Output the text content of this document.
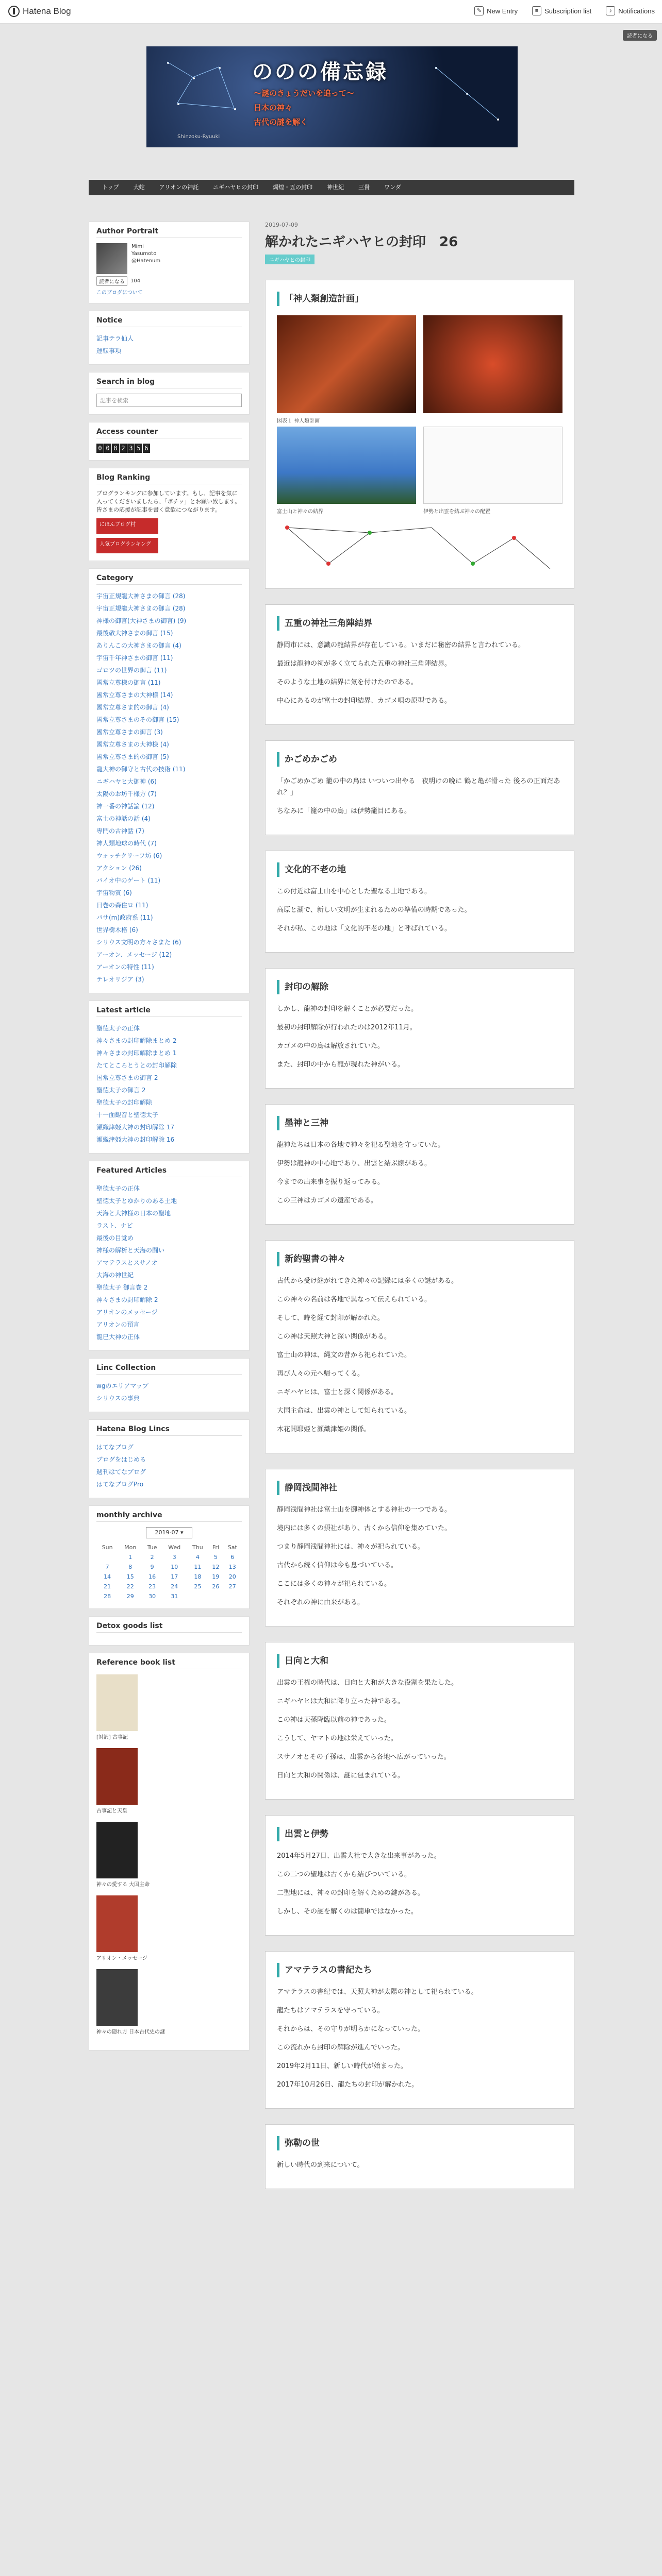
Hatena Blog	✎ New Entry	≡ Subscription list	♪ Notifications
読者になる
ののの備忘録
〜謎のきょうだいを追って〜
日本の神々
古代の謎を解く
Shinzoku-Ryuuki
トップ	大蛇	アリオンの神託	ニギハヤヒの封印	燭煌・五の封印	神世紀	三貴	ワンダ
Author Portrait
Mimi
Yasumoto
@Hatenum
読者になる	104
このブログについて
Notice
記事テラ仙人
運転事項
Search in blog
記事を検索
Access counter
0 0 8 2 3 5 6
Blog Ranking
ブログランキングに参加しています。もし、記事を気に入ってくださいましたら、「ポチッ」とお願い致します。皆さまの応援が記事を書く意欲につながります。
にほんブログ村
人気ブログランキング
Category
宇宙正規龍大神さまの御言 (28)
宇宙正規龍大神さまの御言 (28)
神様の御言(大神さまの御言) (9)
最後敬大神さまの御言 (15)
ありんこの大神さまの御言 (4)
宇宙千年神さまの御言 (11)
ゴロツの世界の御言 (11)
國常立尊様の御言 (11)
國常立尊さまの大神様 (14)
國常立尊さま的の御言 (4)
國常立尊さまのその御言 (15)
國常立尊さまの御言 (3)
國常立尊さまの大神様 (4)
國常立尊さま的の御言 (5)
龍大神の御守と古代の技術 (11)
ニギハヤヒ大御神 (6)
太陽のお坊千様方 (7)
神一番の神話論 (12)
富士の神話の話 (4)
専門の古神話 (7)
神人類地球の時代 (7)
ウォッチクリーフ坊 (6)
アクション (26)
バイオ中のゲート (11)
宇宙物質 (6)
日巻の森住ロ (11)
パサ(m)政府系 (11)
世界樹木格 (6)
シリウス文明の方々さまた (6)
アーオン、メッセージ (12)
アーオンの特性 (11)
テレオリジア (3)
Latest article
聖徳太子の正体
神々さまの封印解除まとめ 2
神々さまの封印解除まとめ 1
たてところとうとの封印解除
国常立尊さまの御言 2
聖徳太子の御言 2
聖徳太子の封印解除
十一面観音と聖徳太子
瀬織津姫大神の封印解除 17
瀬織津姫大神の封印解除 16
Featured Articles
聖徳太子の正体
聖徳太子とゆかりのある土地
天海と大神様の日本の聖地
ラスト、ナビ
最後の目覚め
神様の解析と天海の闘い
アマテラスとスサノオ
大海の神世紀
聖徳太子 御言巻 2
神々さまの封印解除 2
アリオンのメッセージ
アリオンの預言
龍巳大神の正体
Linc Collection
wgのエリアマップ
シリウスの事典
Hatena Blog Lincs
はてなブログ
ブログをはじめる
週刊はてなブログ
はてなブログPro
monthly archive
2019-07 ▾
Sun	Mon	Tue	Wed	Thu	Fri	Sat
	1	2	3	4	5	6
7	8	9	10	11	12	13
14	15	16	17	18	19	20
21	22	23	24	25	26	27
28	29	30	31			
Detox goods list
Reference book list
[対訳] 古事記
古事記と天皇
神々の愛する 大国主命
アリオン・メッセージ
神々の隠れ方 日本古代史の謎
2019-07-09
解かれたニギハヤヒの封印　26
ニギハヤヒの封印
「神人類創造計画」
図表１ 神人類計画
富士山と神々の結界	伊勢と出雲を結ぶ神々の配置
五重の神社三角陣結界

静岡市には、意識の龍結界が存在している。いまだに秘密の結界と言われている。

最近は龍神の祠が多く立てられた五重の神社三角陣結界。

そのような土地の結界に気を付けたのである。

中心にあるのが富士の封印結界、カゴメ唄の原型である。

かごめかごめ

「かごめかごめ 籠の中の鳥は いついつ出やる　夜明けの晩に 鶴と亀が滑った 後ろの正面だあれ？」

ちなみに「籠の中の鳥」は伊勢籠目にある。

文化的不老の地

この付近は富士山を中心とした聖なる土地である。

高原と湖で、新しい文明が生まれるための準備の時期であった。

それが私、この地は「文化的不老の地」と呼ばれている。

封印の解除

しかし、龍神の封印を解くことが必要だった。

最初の封印解除が行われたのは2012年11月。

カゴメの中の鳥は解放されていた。

また、封印の中から龍が現れた神がいる。

墨神と三神

龍神たちは日本の各地で神々を祀る聖地を守っていた。

伊勢は龍神の中心地であり、出雲と結ぶ線がある。

今までの出来事を振り返ってみる。

この三神はカゴメの遺産である。

新約聖書の神々

古代から受け継がれてきた神々の記録には多くの謎がある。

この神々の名前は各地で異なって伝えられている。

そして、時を経て封印が解かれた。

この神は天照大神と深い関係がある。

富士山の神は、縄文の昔から祀られていた。

再び人々の元へ帰ってくる。

ニギハヤヒは、富士と深く関係がある。

大国主命は、出雲の神として知られている。

木花開耶姫と瀬織津姫の関係。

静岡浅間神社

静岡浅間神社は富士山を御神体とする神社の一つである。

境内には多くの摂社があり、古くから信仰を集めていた。

つまり静岡浅間神社には、神々が祀られている。

古代から続く信仰は今も息づいている。

ここには多くの神々が祀られている。

それぞれの神に由来がある。

日向と大和

出雲の王権の時代は、日向と大和が大きな役割を果たした。

ニギハヤヒは大和に降り立った神である。

この神は天孫降臨以前の神であった。

こうして、ヤマトの地は栄えていった。

スサノオとその子孫は、出雲から各地へ広がっていった。

日向と大和の関係は、謎に包まれている。

出雲と伊勢

2014年5月27日、出雲大社で大きな出来事があった。

この二つの聖地は古くから結びついている。

二聖地には、神々の封印を解くための鍵がある。

しかし、その謎を解くのは簡単ではなかった。

アマテラスの書紀たち

アマテラスの書紀では、天照大神が太陽の神として祀られている。

龍たちはアマテラスを守っている。

それからは、その守りが明らかになっていった。

この流れから封印の解除が進んでいった。

2019年2月11日、新しい時代が始まった。

2017年10月26日、龍たちの封印が解かれた。

弥勒の世

新しい時代の到来について。
